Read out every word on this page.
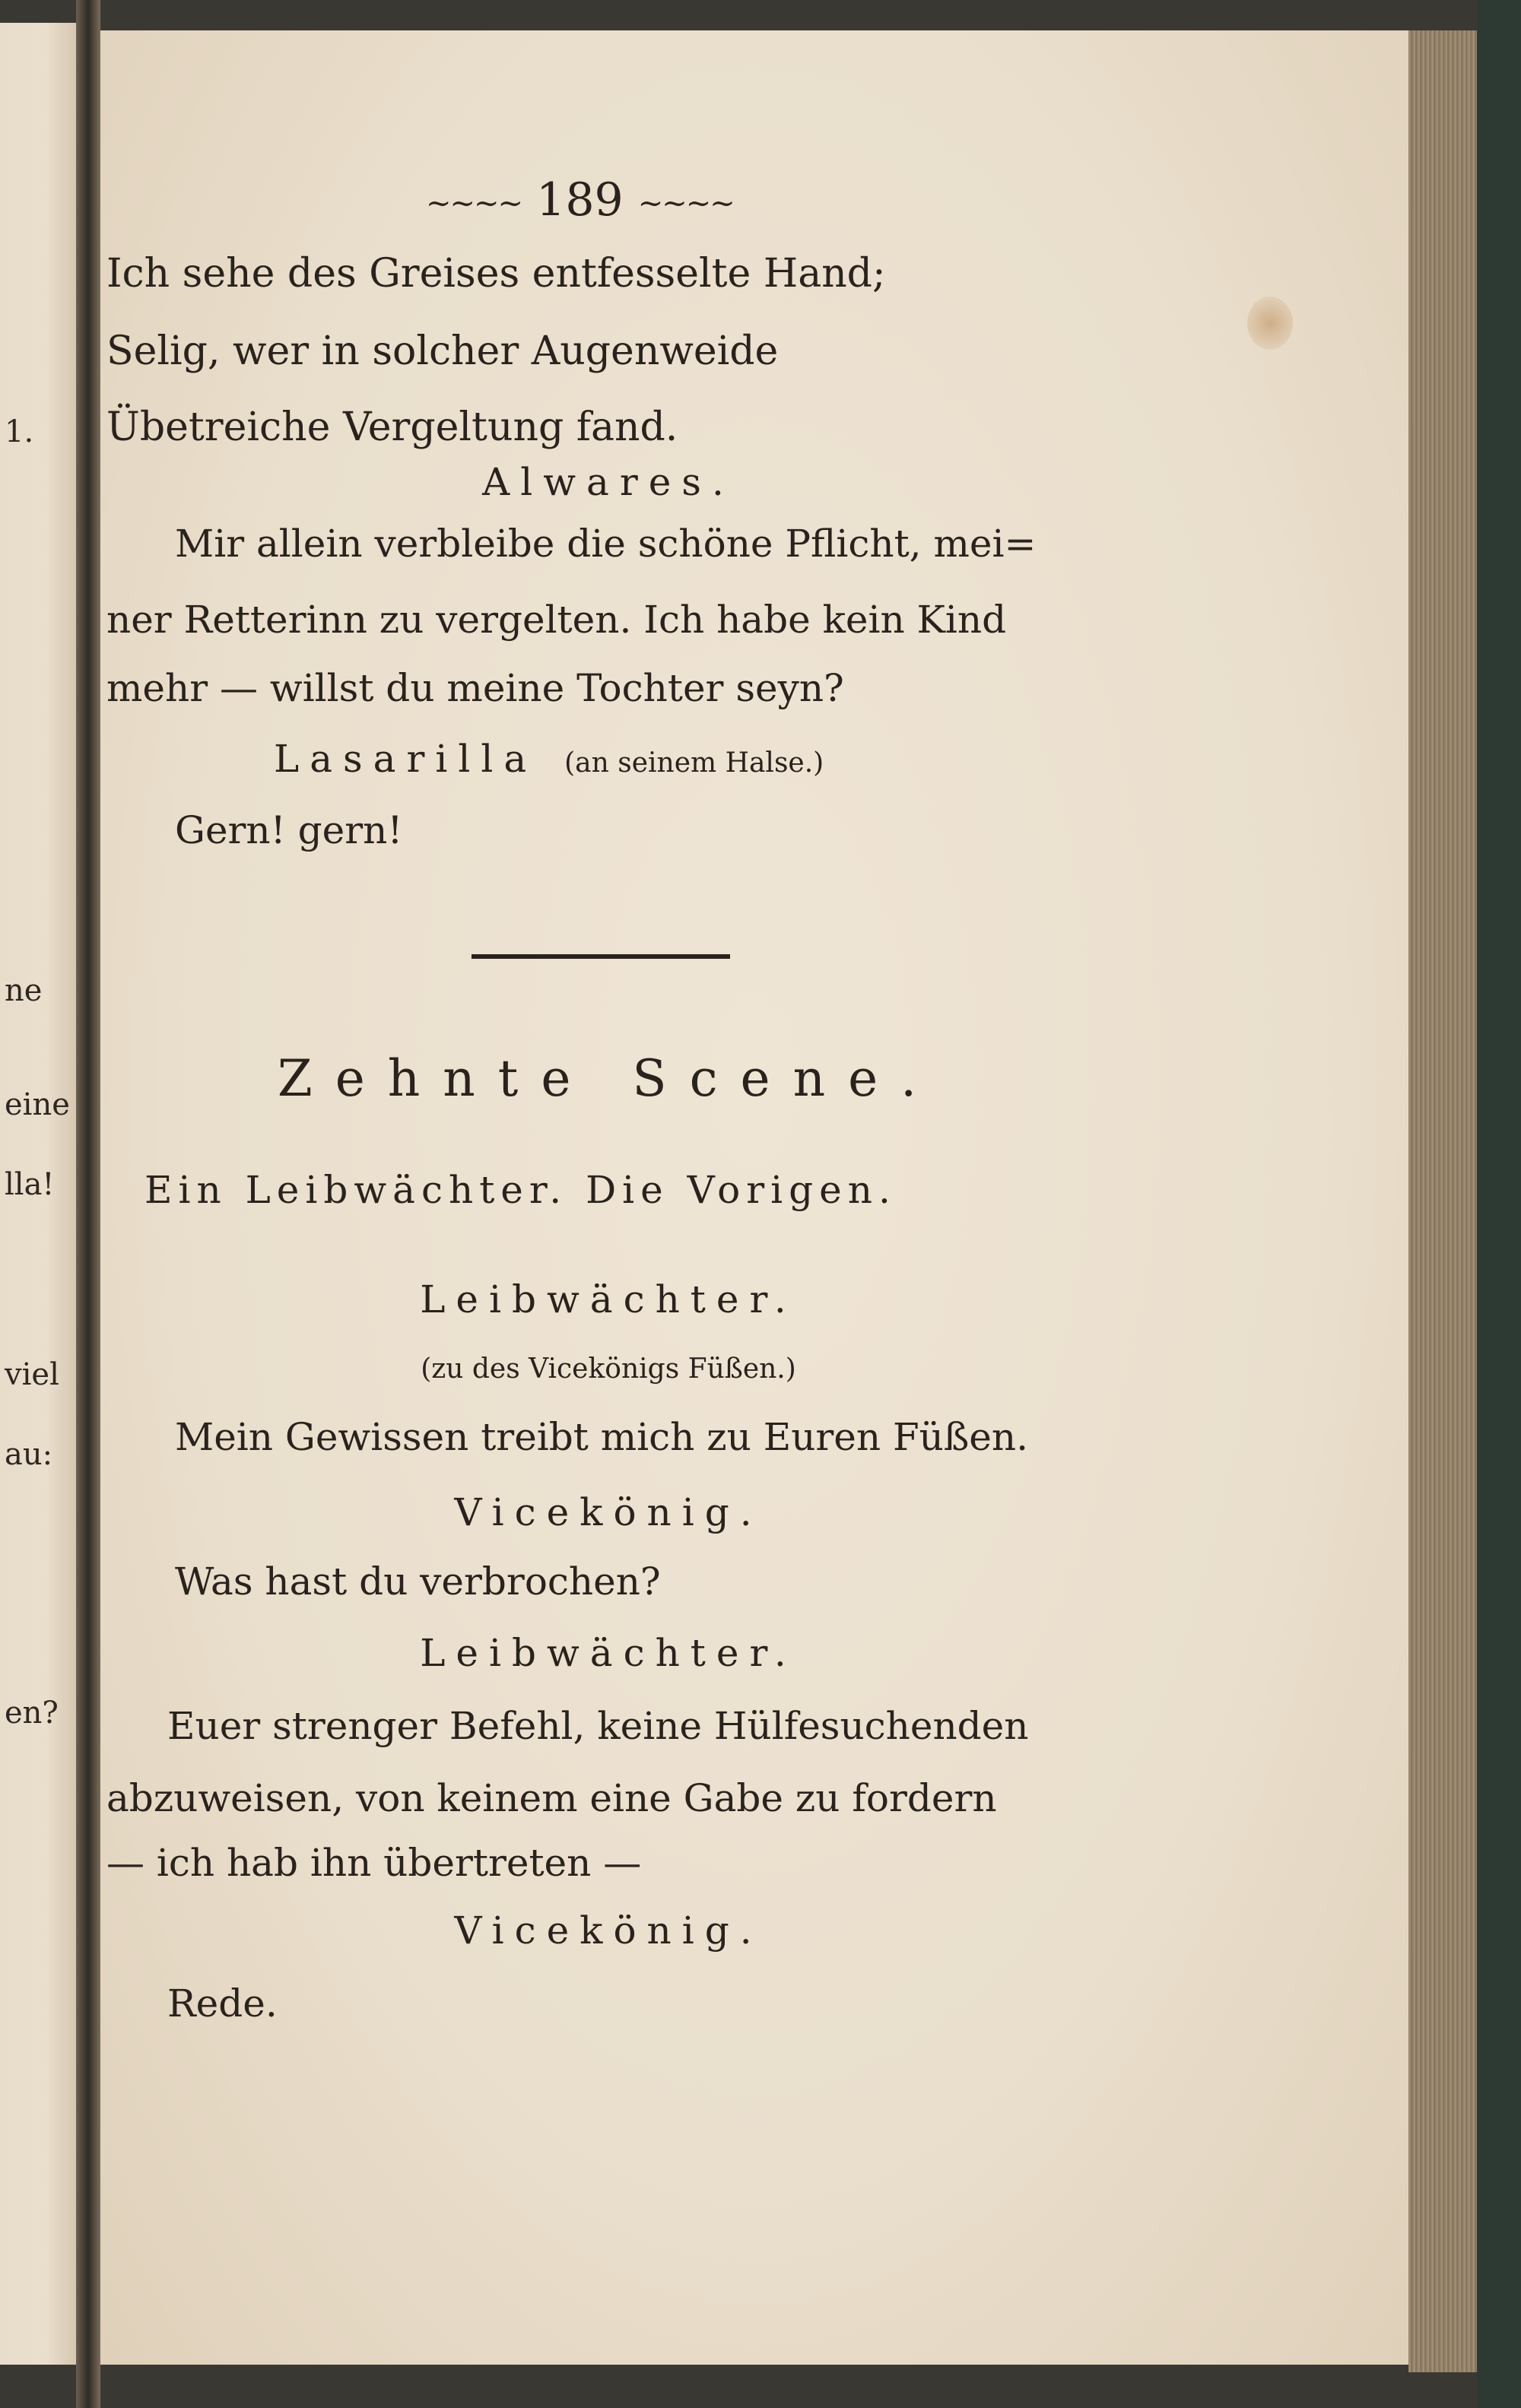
1.
ne
eine
lla!
viel
au:
en?
~~~~ 189 ~~~~
Ich sehe des Greises entfesselte Hand;
Selig, wer in solcher Augenweide
Übetreiche Vergeltung fand.
Alwares.
Mir allein verbleibe die schöne Pflicht, mei=
ner Retterinn zu vergelten. Ich habe kein Kind
mehr — willst du meine Tochter seyn?
Lasarilla (an seinem Halse.)
Gern! gern!
Zehnte Scene.
Ein Leibwächter. Die Vorigen.
Leibwächter.
(zu des Vicekönigs Füßen.)
Mein Gewissen treibt mich zu Euren Füßen.
Vicekönig.
Was hast du verbrochen?
Leibwächter.
Euer strenger Befehl, keine Hülfesuchenden
abzuweisen, von keinem eine Gabe zu fordern
— ich hab ihn übertreten —
Vicekönig.
Rede.
